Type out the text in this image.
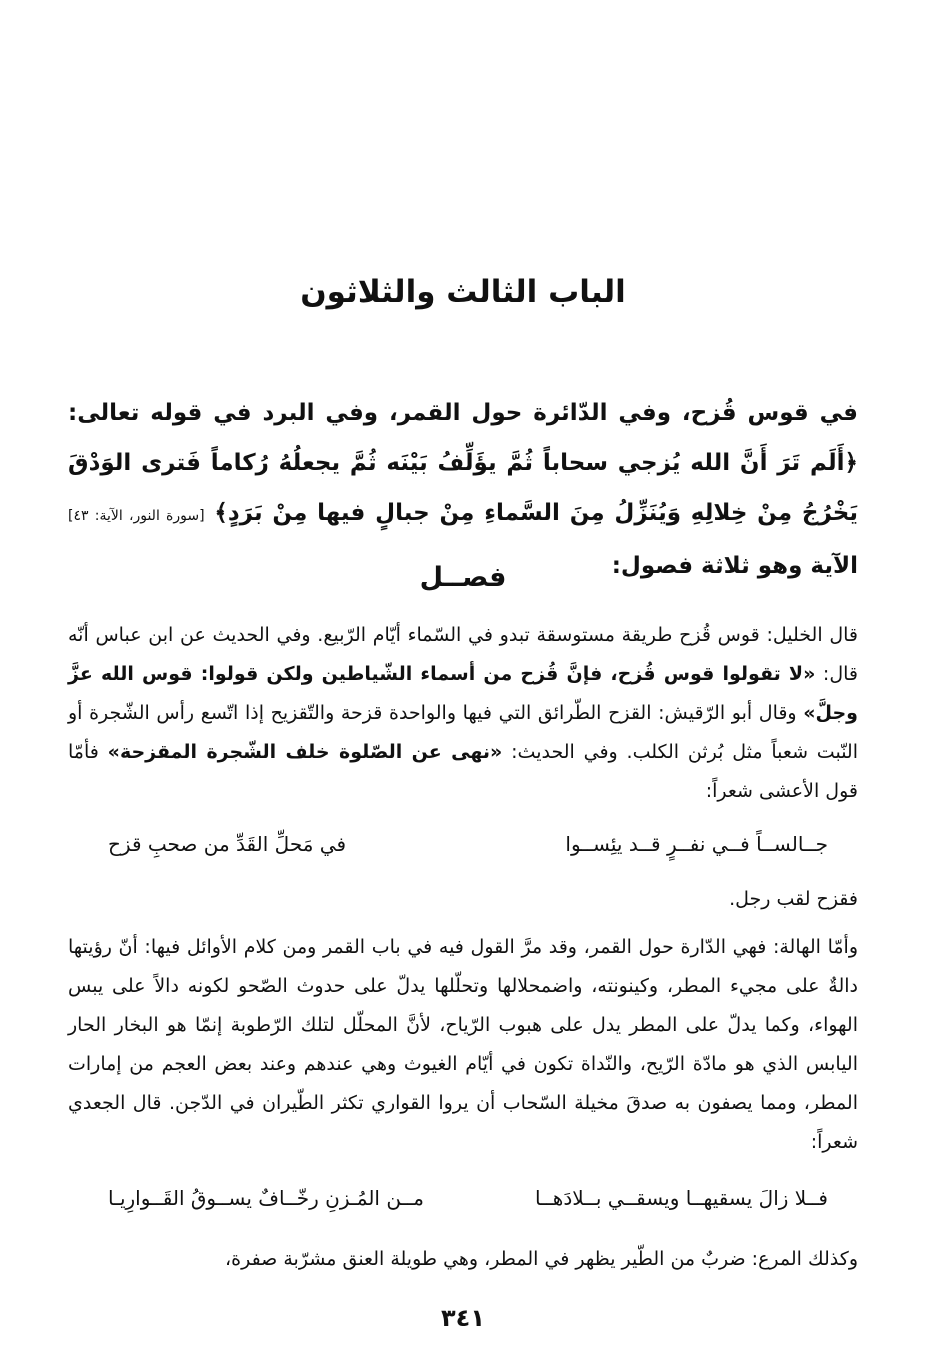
الباب الثالث والثلاثون

في قوس قُزح، وفي الدّائرة حول القمر، وفي البرد في قوله تعالى: ﴿أَلَم تَرَ أَنَّ الله يُزجي سحاباً ثُمَّ يؤَلِّفُ بَيْنَه ثُمَّ يجعلُهُ رُكاماً فَترى الوَدْقَ يَخْرُجُ مِنْ خِلالِهِ وَيُنَزِّلُ مِنَ السَّماءِ مِنْ جبالٍ فيها مِنْ بَرَدٍ﴾ [سورة النور، الآية: ٤٣] الآية وهو ثلاثة فصول:

فصــل

قال الخليل: قوس قُزح طريقة مستوسقة تبدو في السّماء أيّام الرّبيع. وفي الحديث عن ابن عباس أنّه قال: «لا تقولوا قوس قُزح، فإنَّ قُزح من أسماء الشّياطين ولكن قولوا: قوس الله عزَّ وجلَّ» وقال أبو الرّقيش: القزح الطّرائق التي فيها والواحدة قزحة والتّقزيح إذا اتّسع رأس الشّجرة أو النّبت شعباً مثل بُرثن الكلب. وفي الحديث: «نهى عن الصّلوة خلف الشّجرة المقزحة» فأمّا قول الأعشى شعراً:

جــالســاً فــي نفــرٍ قــد يئِســوا
في مَحلِّ القَدِّ من صحبِ قزح

فقزح لقب رجل.

وأمّا الهالة: فهي الدّارة حول القمر، وقد مرَّ القول فيه في باب القمر ومن كلام الأوائل فيها: أنّ رؤيتها دالةٌ على مجيء المطر، وكينونته، واضمحلالها وتحلّلها يدلّ على حدوث الصّحو لكونه دالاً على يبس الهواء، وكما يدلّ على المطر يدل على هبوب الرّياح، لأنَّ المحلّل لتلك الرّطوبة إنمّا هو البخار الحار اليابس الذي هو مادّة الرّيح، والنّداة تكون في أيّام الغيوث وهي عندهم وعند بعض العجم من إمارات المطر، ومما يصفون به صدقَ مخيلة السّحاب أن يروا القواري تكثر الطّيران في الدّجن. قال الجعدي شعراً:

فــلا زالَ يسقيهــا ويسقــي بــلادَهــا
مــن المُـزنِ رخّــافٌ يســوقُ القَــوارِيـا

وكذلك المرع: ضربٌ من الطّير يظهر في المطر، وهي طويلة العنق مشرّبة صفرة،

٣٤١
